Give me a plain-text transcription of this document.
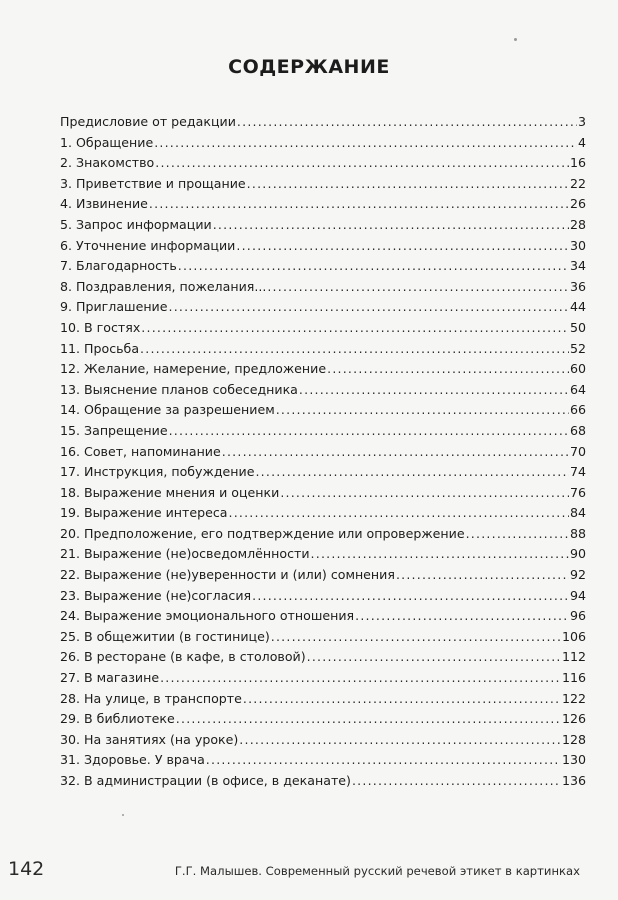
СОДЕРЖАНИЕ
Предисловие от редакции .....	3
1. Обращение .....	4
2. Знакомство .....	16
3. Приветствие и прощание .....	22
4. Извинение .....	26
5. Запрос информации .....	28
6. Уточнение информации .....	30
7. Благодарность .....	34
8. Поздравления, пожелания... .....	36
9. Приглашение .....	44
10. В гостях .....	50
11. Просьба .....	52
12. Желание, намерение, предложение .....	60
13. Выяснение планов собеседника .....	64
14. Обращение за разрешением .....	66
15. Запрещение .....	68
16. Совет, напоминание .....	70
17. Инструкция, побуждение .....	74
18. Выражение мнения и оценки .....	76
19. Выражение интереса .....	84
20. Предположение, его подтверждение или опровержение .....	88
21. Выражение (не)осведомлённости .....	90
22. Выражение (не)уверенности и (или) сомнения .....	92
23. Выражение (не)согласия .....	94
24. Выражение эмоционального отношения .....	96
25. В общежитии (в гостинице) .....	106
26. В ресторане (в кафе, в столовой) .....	112
27. В магазине .....	116
28. На улице, в транспорте .....	122
29. В библиотеке .....	126
30. На занятиях (на уроке) .....	128
31. Здоровье. У врача .....	130
32. В администрации (в офисе, в деканате) .....	136
142	Г.Г. Малышев. Современный русский речевой этикет в картинках
